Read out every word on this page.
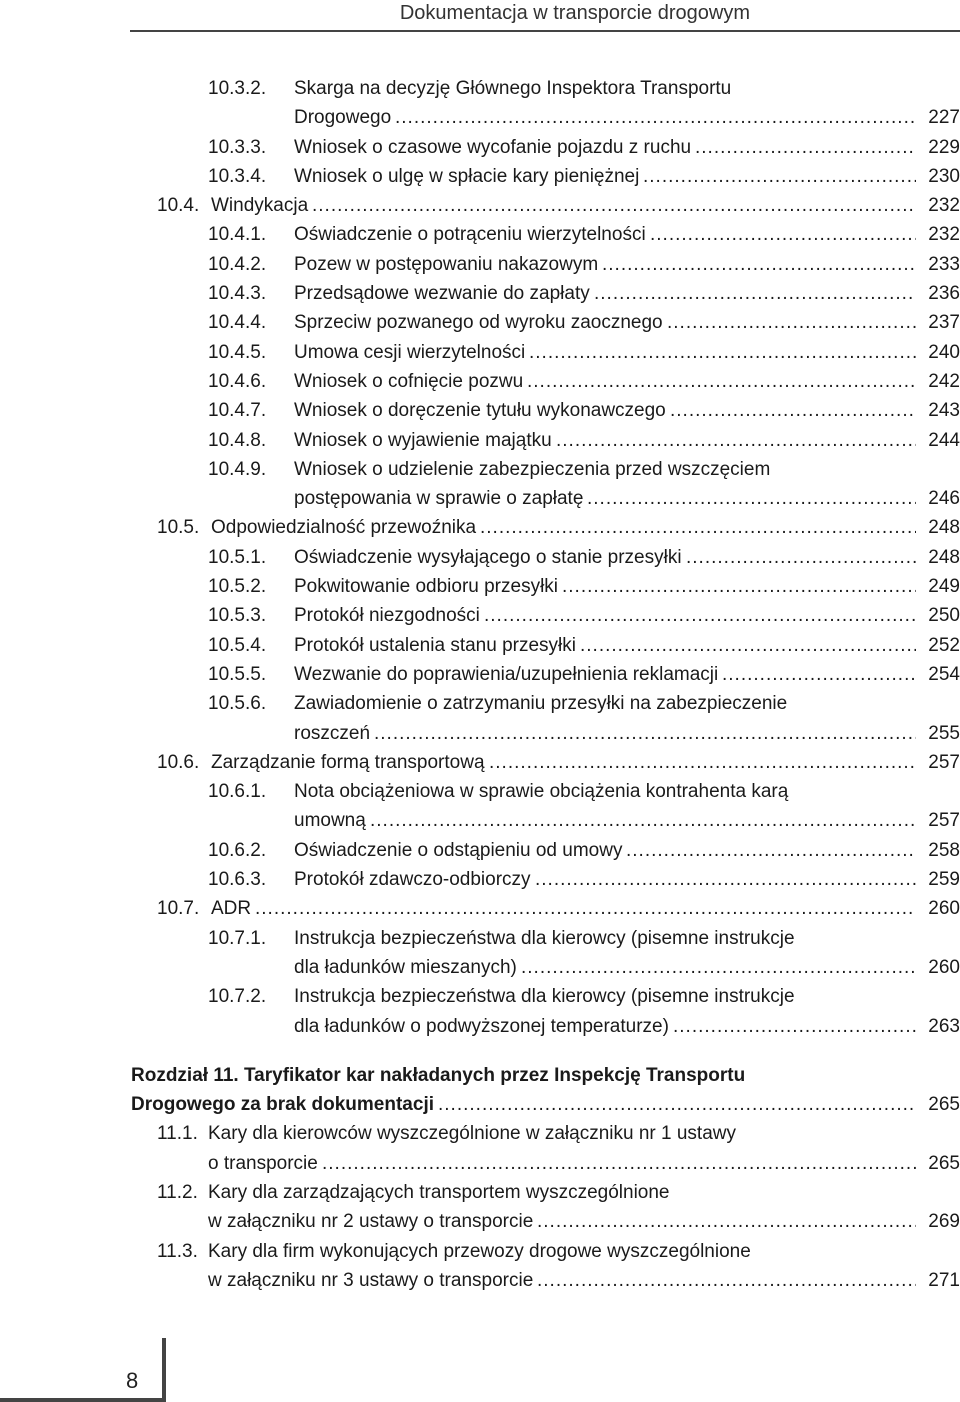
Dokumentacja w transporcie drogowym
10.3.2. Skarga na decyzję Głównego Inspektora Transportu
Drogowego .....	227
10.3.3. Wniosek o czasowe wycofanie pojazdu z ruchu .....	229
10.3.4. Wniosek o ulgę w spłacie kary pieniężnej .....	230
10.4. Windykacja .....	232
10.4.1. Oświadczenie o potrąceniu wierzytelności .....	232
10.4.2. Pozew w postępowaniu nakazowym .....	233
10.4.3. Przedsądowe wezwanie do zapłaty .....	236
10.4.4. Sprzeciw pozwanego od wyroku zaocznego .....	237
10.4.5. Umowa cesji wierzytelności .....	240
10.4.6. Wniosek o cofnięcie pozwu .....	242
10.4.7. Wniosek o doręczenie tytułu wykonawczego .....	243
10.4.8. Wniosek o wyjawienie majątku .....	244
10.4.9. Wniosek o udzielenie zabezpieczenia przed wszczęciem
postępowania w sprawie o zapłatę .....	246
10.5. Odpowiedzialność przewoźnika .....	248
10.5.1. Oświadczenie wysyłającego o stanie przesyłki .....	248
10.5.2. Pokwitowanie odbioru przesyłki .....	249
10.5.3. Protokół niezgodności .....	250
10.5.4. Protokół ustalenia stanu przesyłki .....	252
10.5.5. Wezwanie do poprawienia/uzupełnienia reklamacji .....	254
10.5.6. Zawiadomienie o zatrzymaniu przesyłki na zabezpieczenie
roszczeń .....	255
10.6. Zarządzanie formą transportową .....	257
10.6.1. Nota obciążeniowa w sprawie obciążenia kontrahenta karą
umowną .....	257
10.6.2. Oświadczenie o odstąpieniu od umowy .....	258
10.6.3. Protokół zdawczo-odbiorczy .....	259
10.7. ADR .....	260
10.7.1. Instrukcja bezpieczeństwa dla kierowcy (pisemne instrukcje
dla ładunków mieszanych) .....	260
10.7.2. Instrukcja bezpieczeństwa dla kierowcy (pisemne instrukcje
dla ładunków o podwyższonej temperaturze) .....	263
Rozdział 11. Taryfikator kar nakładanych przez Inspekcję Transportu
Drogowego za brak dokumentacji .....	265
11.1. Kary dla kierowców wyszczególnione w załączniku nr 1 ustawy
o transporcie .....	265
11.2. Kary dla zarządzających transportem wyszczególnione
w załączniku nr 2 ustawy o transporcie .....	269
11.3. Kary dla firm wykonujących przewozy drogowe wyszczególnione
w załączniku nr 3 ustawy o transporcie .....	271
8
